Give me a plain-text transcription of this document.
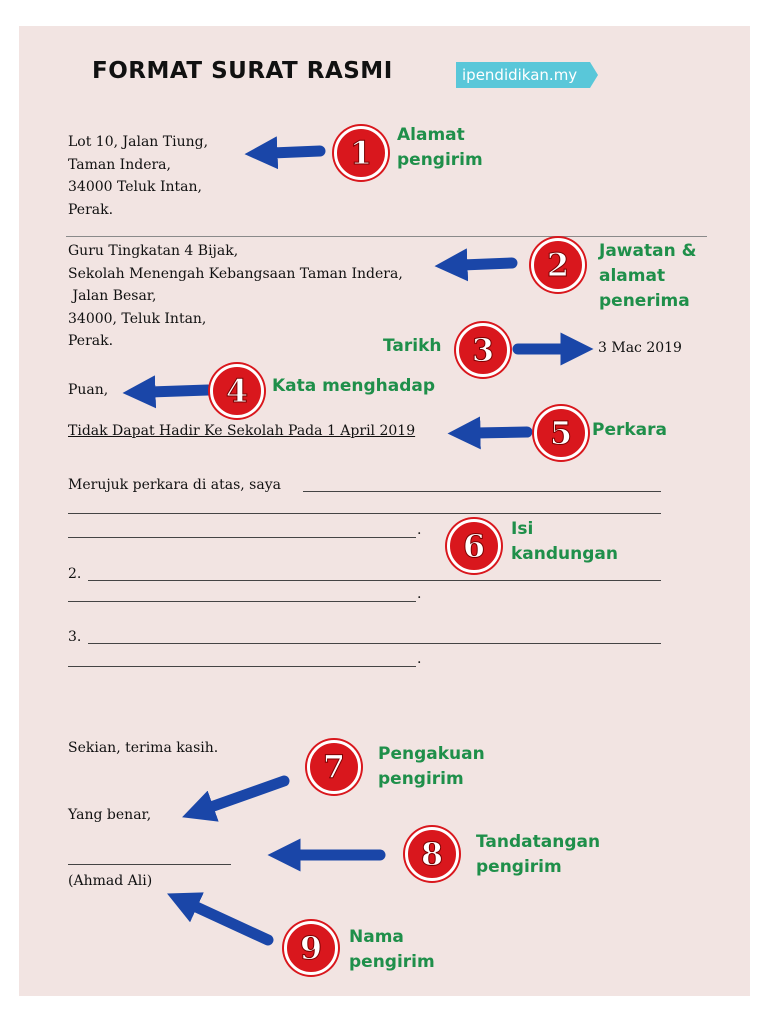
FORMAT SURAT RASMI	ipendidikan.my
Lot 10, Jalan Tiung,
Taman Indera,
34000 Teluk Intan,
Perak.
Guru Tingkatan 4 Bijak,
Sekolah Menengah Kebangsaan Taman Indera,
Jalan Besar,
34000, Teluk Intan,
Perak.	3 Mac 2019
Puan,
Tidak Dapat Hadir Ke Sekolah Pada 1 April 2019
Merujuk perkara di atas, saya
.
2.
.
3.
.
Sekian, terima kasih.
Yang benar,
(Ahmad Ali)
1
2
3
4
5
6
7
8
9
Alamat
pengirim
Jawatan &
alamat
penerima
Tarikh
Kata menghadap
Perkara
Isi
kandungan
Pengakuan
pengirim
Tandatangan
pengirim
Nama
pengirim
